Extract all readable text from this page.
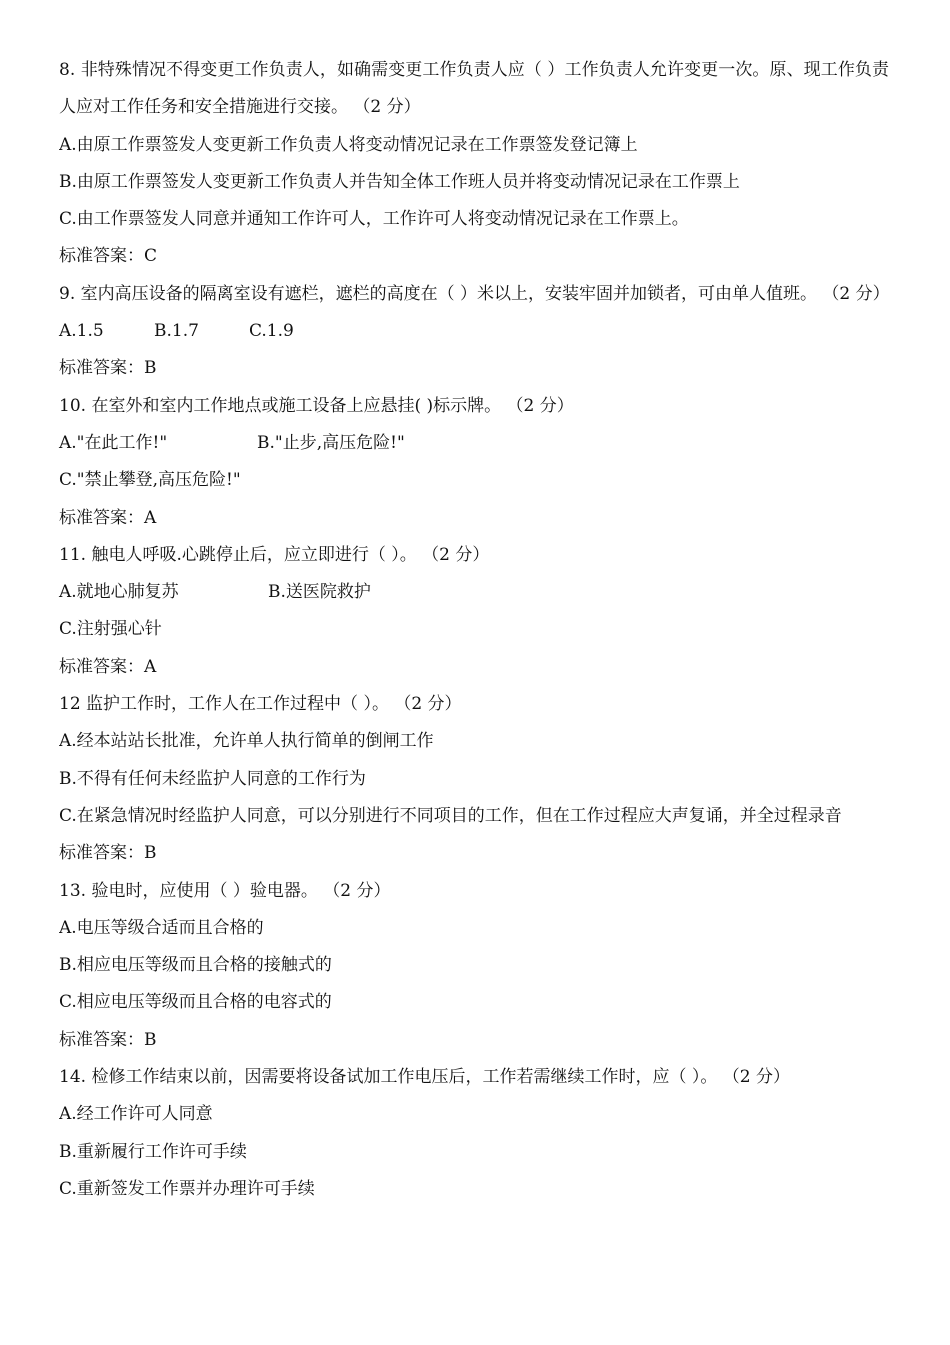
8. 非特殊情况不得变更工作负责人，如确需变更工作负责人应（ ）工作负责人允许变更一次。原、现工作负责人应对工作任务和安全措施进行交接。 （2 分）
A.由原工作票签发人变更新工作负责人将变动情况记录在工作票签发登记簿上
B.由原工作票签发人变更新工作负责人并告知全体工作班人员并将变动情况记录在工作票上
C.由工作票签发人同意并通知工作许可人，工作许可人将变动情况记录在工作票上。
标准答案：C
9. 室内高压设备的隔离室设有遮栏，遮栏的高度在（ ）米以上，安装牢固并加锁者，可由单人值班。 （2 分）
A.1.5	B.1.7	C.1.9
标准答案：B
10. 在室外和室内工作地点或施工设备上应悬挂( )标示牌。 （2 分）
A."在此工作!"	B."止步,高压危险!"
C."禁止攀登,高压危险!"
标准答案：A
11. 触电人呼吸.心跳停止后，应立即进行（ ）。 （2 分）
A.就地心肺复苏	B.送医院救护
C.注射强心针
标准答案：A
12 监护工作时，工作人在工作过程中（ ）。 （2 分）
A.经本站站长批准，允许单人执行简单的倒闸工作
B.不得有任何未经监护人同意的工作行为
C.在紧急情况时经监护人同意，可以分别进行不同项目的工作，但在工作过程应大声复诵，并全过程录音
标准答案：B
13. 验电时，应使用（ ）验电器。 （2 分）
A.电压等级合适而且合格的
B.相应电压等级而且合格的接触式的
C.相应电压等级而且合格的电容式的
标准答案：B
14. 检修工作结束以前，因需要将设备试加工作电压后，工作若需继续工作时，应（ ）。 （2 分）
A.经工作许可人同意
B.重新履行工作许可手续
C.重新签发工作票并办理许可手续
